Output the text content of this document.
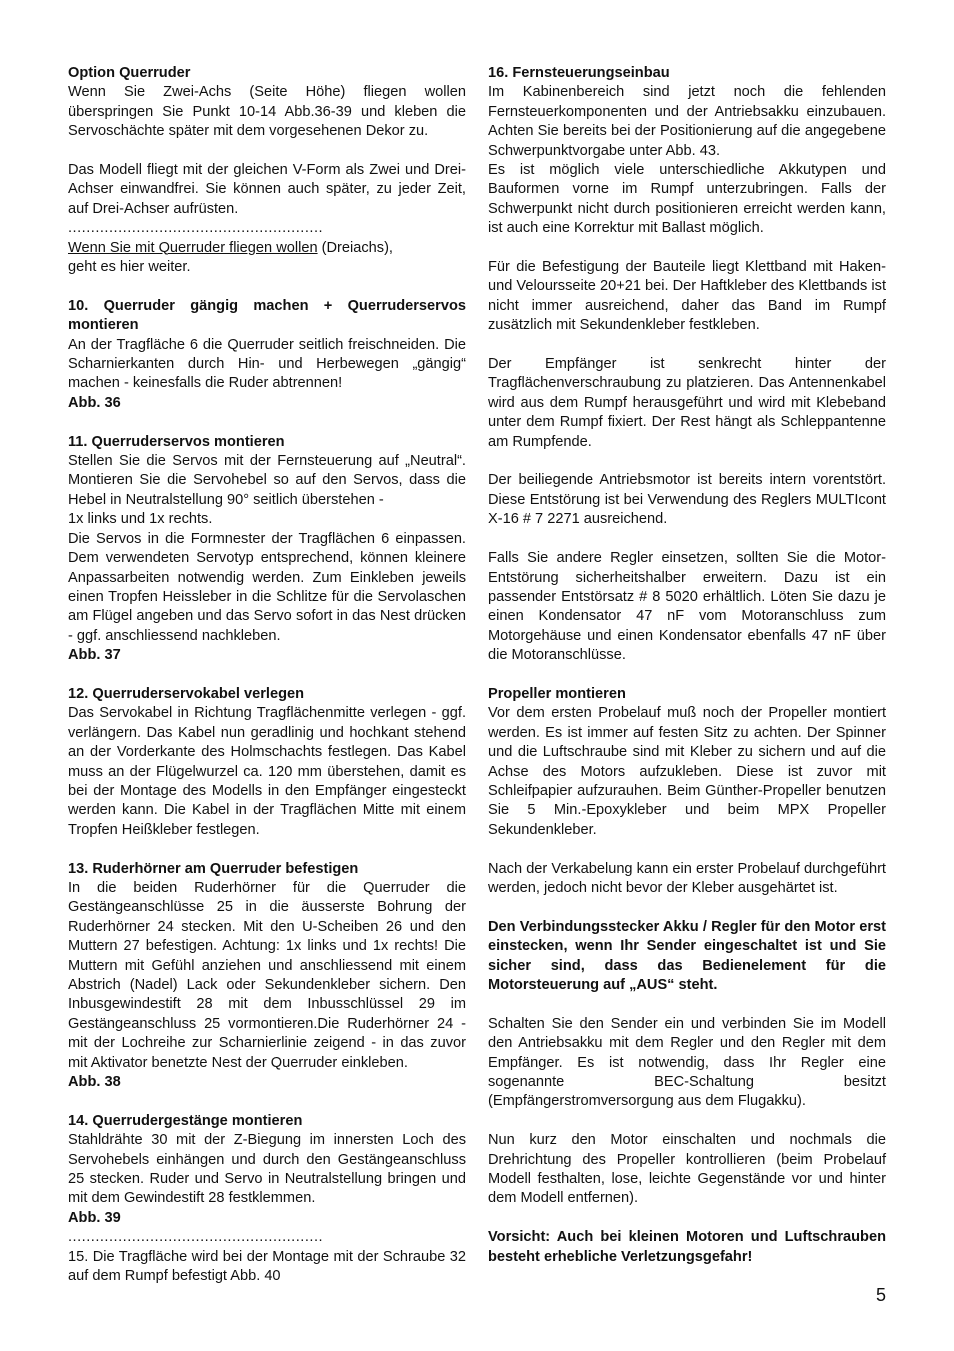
Option Querruder

Wenn Sie Zwei-Achs (Seite Höhe) fliegen wollen überspringen Sie Punkt 10-14 Abb.36-39 und kleben die Servoschächte später mit dem vorgesehenen Dekor zu.

Das Modell fliegt mit der gleichen V-Form als Zwei und Drei-Achser einwandfrei. Sie können auch später, zu jeder Zeit, auf Drei-Achser aufrüsten.

........................................................

Wenn Sie mit Querruder fliegen wollen (Dreiachs),

geht es hier weiter.

10. Querruder gängig machen + Querruderservos montieren

An der Tragfläche 6 die Querruder seitlich freischneiden. Die Scharnierkanten durch Hin- und Herbewegen „gängig“ machen - keinesfalls die Ruder abtrennen!

Abb. 36

11. Querruderservos montieren

Stellen Sie die Servos mit der Fernsteuerung auf „Neutral“. Montieren Sie die Servohebel so auf den Servos, dass die Hebel in Neutralstellung 90° seitlich überstehen -

1x links und 1x rechts.

Die Servos in die Formnester der Tragflächen 6 einpassen. Dem verwendeten Servotyp entsprechend, können kleinere Anpassarbeiten notwendig werden. Zum Einkleben jeweils einen Tropfen Heissleber in die Schlitze für die Servolaschen am Flügel angeben und das Servo sofort in das Nest drücken - ggf. anschliessend nachkleben.

Abb. 37

12. Querruderservokabel verlegen

Das Servokabel in Richtung Tragflächenmitte verlegen - ggf. verlängern. Das Kabel nun geradlinig und hochkant stehend an der Vorderkante des Holmschachts festlegen. Das Kabel muss an der Flügelwurzel ca. 120 mm überstehen, damit es bei der Montage des Modells in den Empfänger eingesteckt werden kann. Die Kabel in der Tragflächen Mitte mit einem Tropfen Heißkleber festlegen.

13. Ruderhörner am Querruder befestigen

In die beiden Ruderhörner für die Querruder die Gestängeanschlüsse 25 in die äusserste Bohrung der Ruderhörner 24 stecken. Mit den U-Scheiben 26 und den Muttern 27 befestigen. Achtung: 1x links und 1x rechts! Die Muttern mit Gefühl anziehen und anschliessend mit einem Abstrich (Nadel) Lack oder Sekundenkleber sichern. Den Inbusgewindestift 28 mit dem Inbusschlüssel 29 im Gestängeanschluss 25 vormontieren.Die Ruderhörner 24 - mit der Lochreihe zur Scharnierlinie zeigend - in das zuvor mit Aktivator benetzte Nest der Querruder einkleben.

Abb. 38

14. Querrudergestänge montieren

Stahldrähte 30 mit der Z-Biegung im innersten Loch des Servohebels einhängen und durch den Gestängeanschluss 25 stecken. Ruder und Servo in Neutralstellung bringen und mit dem Gewindestift 28 festklemmen.

Abb. 39

........................................................

15. Die Tragfläche wird bei der Montage mit der Schraube 32 auf dem Rumpf befestigt Abb. 40

16. Fernsteuerungseinbau

Im Kabinenbereich sind jetzt noch die fehlenden Fernsteuerkomponenten und der Antriebsakku einzubauen. Achten Sie bereits bei der Positionierung auf die angegebene Schwerpunktvorgabe unter Abb. 43.

Es ist möglich viele unterschiedliche Akkutypen und Bauformen vorne im Rumpf unterzubringen. Falls der Schwerpunkt nicht durch positionieren erreicht werden kann, ist auch eine Korrektur mit Ballast möglich.

Für die Befestigung der Bauteile liegt Klettband mit Haken- und Veloursseite 20+21 bei. Der Haftkleber des Klettbands ist nicht immer ausreichend, daher das Band im Rumpf zusätzlich mit Sekundenkleber festkleben.

Der Empfänger ist senkrecht hinter der Tragflächenverschraubung zu platzieren. Das Antennenkabel wird aus dem Rumpf herausgeführt und wird mit Klebeband unter dem Rumpf fixiert. Der Rest hängt als Schleppantenne am Rumpfende.

Der beiliegende Antriebsmotor ist bereits intern vorentstört. Diese Entstörung ist bei Verwendung des Reglers MULTIcont X-16 # 7 2271 ausreichend.

Falls Sie andere Regler einsetzen, sollten Sie die Motor-Entstörung sicherheitshalber erweitern. Dazu ist ein passender Entstörsatz # 8 5020 erhältlich. Löten Sie dazu je einen Kondensator 47 nF vom Motoranschluss zum Motorgehäuse und einen Kondensator ebenfalls 47 nF über die Motoranschlüsse.

Propeller montieren

Vor dem ersten Probelauf muß noch der Propeller montiert werden. Es ist immer auf festen Sitz zu achten. Der Spinner und die Luftschraube sind mit Kleber zu sichern und auf die Achse des Motors aufzukleben. Diese ist zuvor mit Schleifpapier aufzurauhen. Beim Günther-Propeller benutzen Sie 5 Min.-Epoxykleber und beim MPX Propeller Sekundenkleber.

Nach der Verkabelung kann ein erster Probelauf durchgeführt werden, jedoch nicht bevor der Kleber ausgehärtet ist.

Den Verbindungsstecker Akku / Regler für den Motor erst einstecken, wenn Ihr Sender eingeschaltet ist und Sie sicher sind, dass das Bedienelement für die Motorsteuerung auf „AUS“ steht.

Schalten Sie den Sender ein und verbinden Sie im Modell den Antriebsakku mit dem Regler und den Regler mit dem Empfänger. Es ist notwendig, dass Ihr Regler eine sogenannte BEC-Schaltung besitzt (Empfängerstromversorgung aus dem Flugakku).

Nun kurz den Motor einschalten und nochmals die Drehrichtung des Propeller kontrollieren (beim Probelauf Modell festhalten, lose, leichte Gegenstände vor und hinter dem Modell entfernen).

Vorsicht: Auch bei kleinen Motoren und Luftschrauben besteht erhebliche Verletzungsgefahr!

5
